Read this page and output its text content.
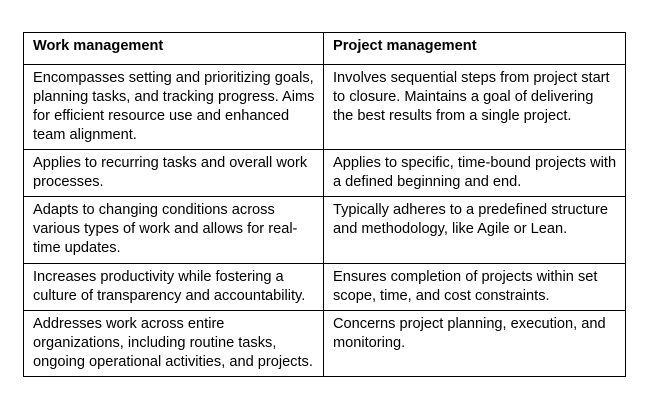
Work management	Project management
Encompasses setting and prioritizing goals, planning tasks, and tracking progress. Aims for efficient resource use and enhanced team alignment.	Involves sequential steps from project start to closure. Maintains a goal of delivering the best results from a single project.
Applies to recurring tasks and overall work processes.	Applies to specific, time-bound projects with a defined beginning and end.
Adapts to changing conditions across various types of work and allows for real-time updates.	Typically adheres to a predefined structure and methodology, like Agile or Lean.
Increases productivity while fostering a culture of transparency and accountability.	Ensures completion of projects within set scope, time, and cost constraints.
Addresses work across entire organizations, including routine tasks, ongoing operational activities, and projects.	Concerns project planning, execution, and monitoring.
